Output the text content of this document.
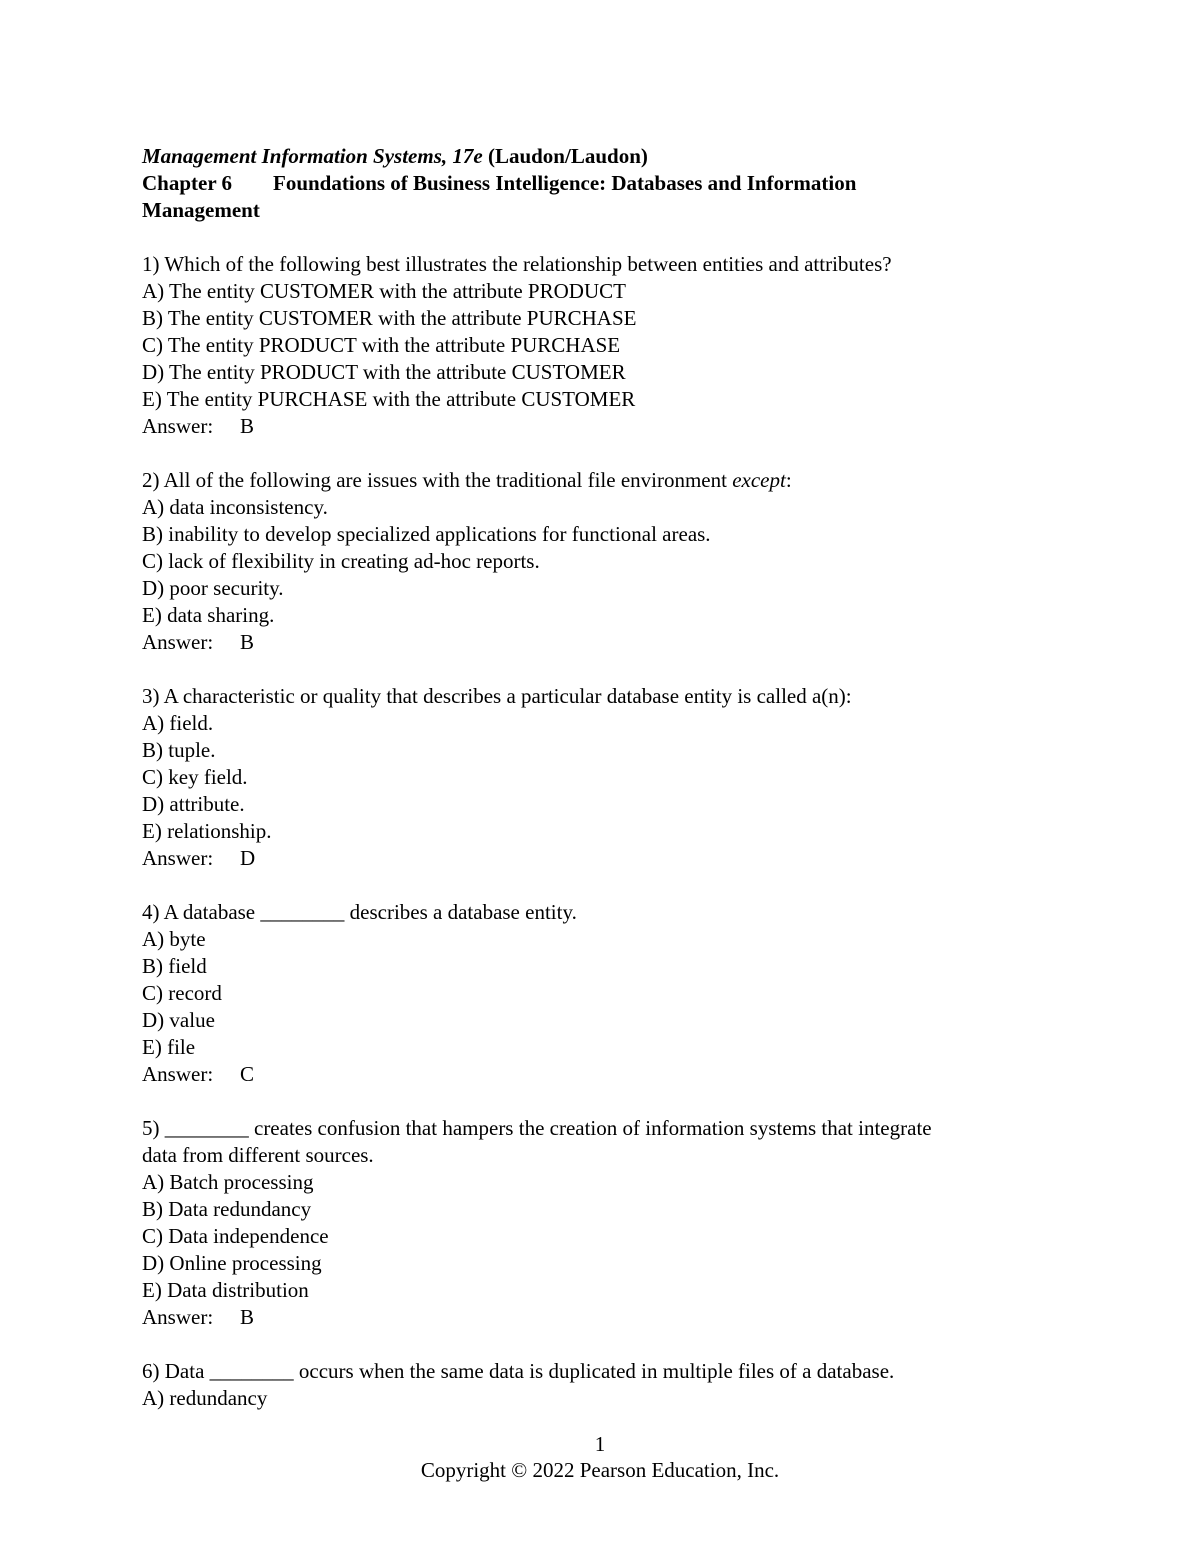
Management Information Systems, 17e (Laudon/Laudon)
Chapter 6 Foundations of Business Intelligence: Databases and Information
Management
1) Which of the following best illustrates the relationship between entities and attributes?
A) The entity CUSTOMER with the attribute PRODUCT
B) The entity CUSTOMER with the attribute PURCHASE
C) The entity PRODUCT with the attribute PURCHASE
D) The entity PRODUCT with the attribute CUSTOMER
E) The entity PURCHASE with the attribute CUSTOMER
Answer: B
2) All of the following are issues with the traditional file environment except:
A) data inconsistency.
B) inability to develop specialized applications for functional areas.
C) lack of flexibility in creating ad-hoc reports.
D) poor security.
E) data sharing.
Answer: B
3) A characteristic or quality that describes a particular database entity is called a(n):
A) field.
B) tuple.
C) key field.
D) attribute.
E) relationship.
Answer: D
4) A database ________ describes a database entity.
A) byte
B) field
C) record
D) value
E) file
Answer: C
5) ________ creates confusion that hampers the creation of information systems that integrate
data from different sources.
A) Batch processing
B) Data redundancy
C) Data independence
D) Online processing
E) Data distribution
Answer: B
6) Data ________ occurs when the same data is duplicated in multiple files of a database.
A) redundancy
1
Copyright © 2022 Pearson Education, Inc.
